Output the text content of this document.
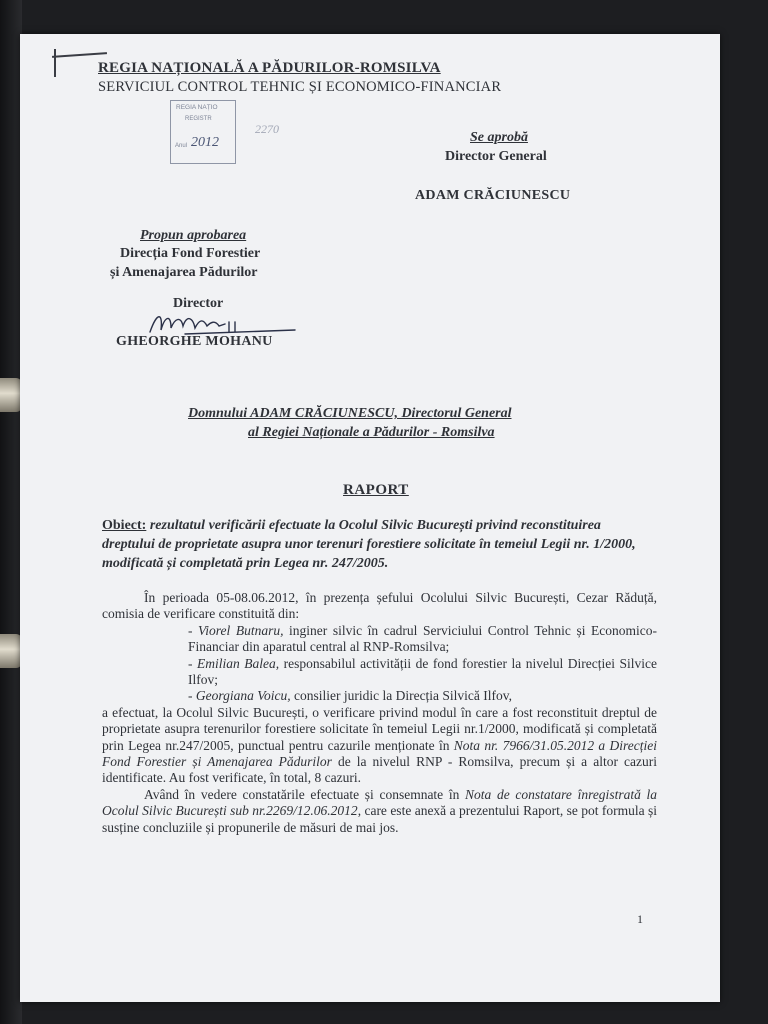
REGIA NAȚIONALĂ A PĂDURILOR-ROMSILVA
SERVICIUL CONTROL TEHNIC ȘI ECONOMICO-FINANCIAR
REGIA NAȚIO
REGISTR
Anul 2012
2270
Se aprobă
Director General
ADAM CRĂCIUNESCU
Propun aprobarea
Direcția Fond Forestier
și Amenajarea Pădurilor
Director
GHEORGHE MOHANU
Domnului ADAM CRĂCIUNESCU, Directorul General
al Regiei Naționale a Pădurilor - Romsilva
RAPORT
Obiect: rezultatul verificării efectuate la Ocolul Silvic București privind reconstituirea dreptului de proprietate asupra unor terenuri forestiere solicitate în temeiul Legii nr. 1/2000, modificată și completată prin Legea nr. 247/2005.

În perioada 05-08.06.2012, în prezența șefului Ocolului Silvic București, Cezar Răduță, comisia de verificare constituită din:

- Viorel Butnaru, inginer silvic în cadrul Serviciului Control Tehnic și Economico-Financiar din aparatul central al RNP-Romsilva;

- Emilian Balea, responsabilul activității de fond forestier la nivelul Direcției Silvice Ilfov;

- Georgiana Voicu, consilier juridic la Direcția Silvică Ilfov,

a efectuat, la Ocolul Silvic București, o verificare privind modul în care a fost reconstituit dreptul de proprietate asupra terenurilor forestiere solicitate în temeiul Legii nr.1/2000, modificată și completată prin Legea nr.247/2005, punctual pentru cazurile menționate în Nota nr. 7966/31.05.2012 a Direcției Fond Forestier și Amenajarea Pădurilor de la nivelul RNP - Romsilva, precum și a altor cazuri identificate. Au fost verificate, în total, 8 cazuri.

Având în vedere constatările efectuate și consemnate în Nota de constatare înregistrată la Ocolul Silvic București sub nr.2269/12.06.2012, care este anexă a prezentului Raport, se pot formula și susține concluziile și propunerile de măsuri de mai jos.

1
